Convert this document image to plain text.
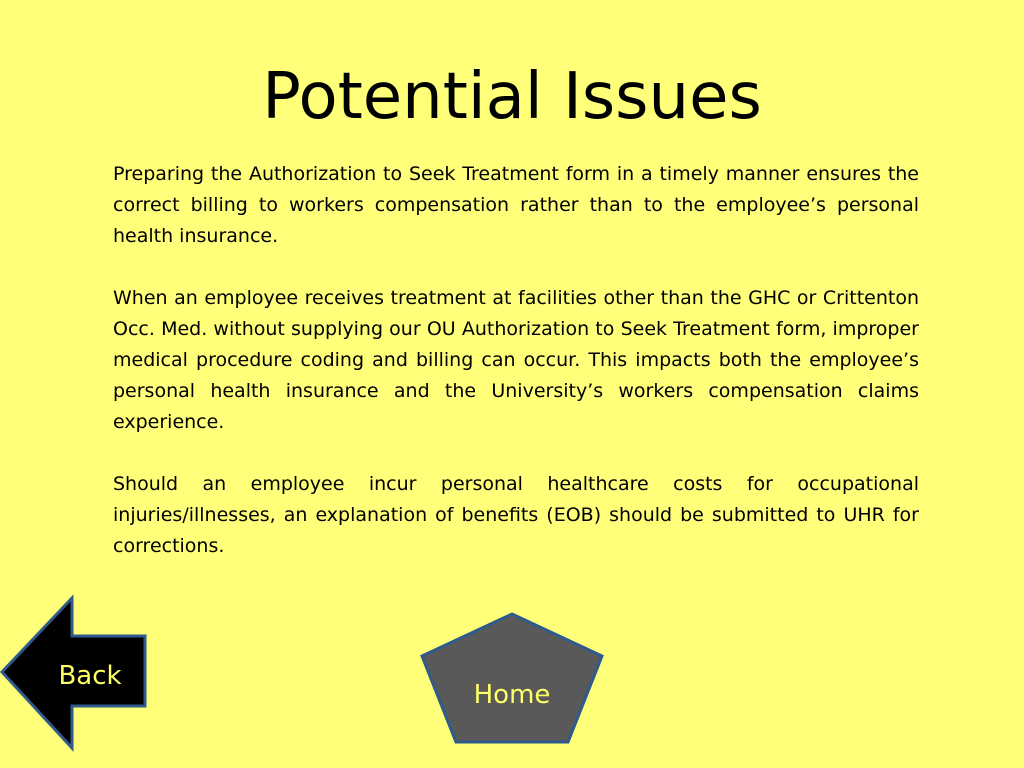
Potential Issues

Preparing the Authorization to Seek Treatment form in a timely manner ensures the correct billing to workers compensation rather than to the employee’s personal health insurance.

When an employee receives treatment at facilities other than the GHC or Crittenton Occ. Med. without supplying our OU Authorization to Seek Treatment form, improper medical procedure coding and billing can occur. This impacts both the employee’s personal health insurance and the University’s workers compensation claims experience.

Should an employee incur personal healthcare costs for occupational injuries/illnesses, an explanation of benefits (EOB) should be submitted to UHR for corrections.

Back
Home
